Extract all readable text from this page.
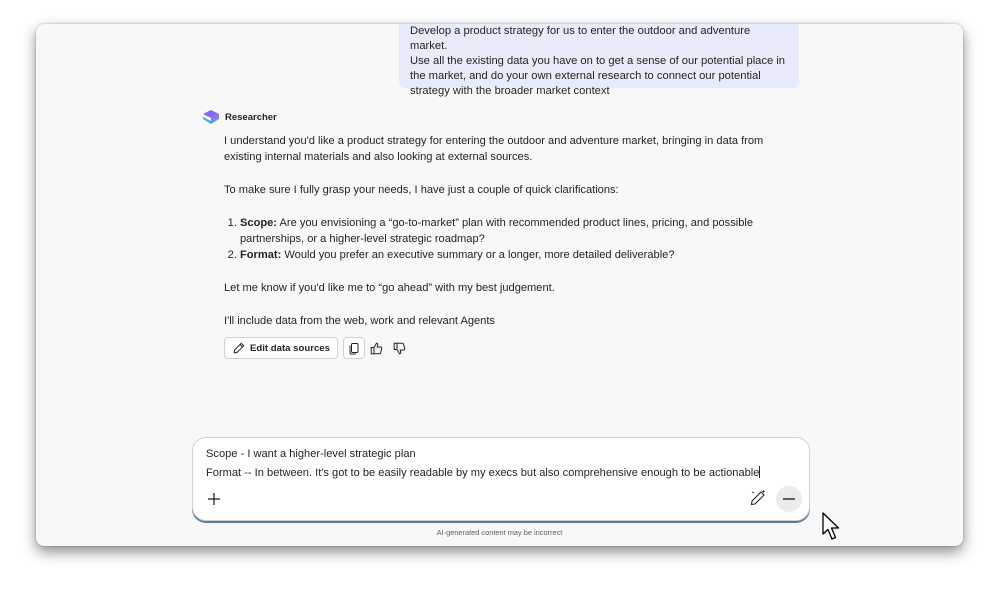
Develop a product strategy for us to enter the outdoor and adventure market.

Use all the existing data you have on to get a sense of our potential place in

the market, and do your own external research to connect our potential

strategy with the broader market context

Researcher

I understand you'd like a product strategy for entering the outdoor and adventure market, bringing in data from

existing internal materials and also looking at external sources.

To make sure I fully grasp your needs, I have just a couple of quick clarifications:

1. Scope: Are you envisioning a “go-to-market” plan with recommended product lines, pricing, and possible
partnerships, or a higher-level strategic roadmap?
2. Format: Would you prefer an executive summary or a longer, more detailed deliverable?

Let me know if you'd like me to “go ahead” with my best judgement.

I'll include data from the web, work and relevant Agents

Edit data sources

Scope - I want a higher-level strategic plan

Format -- In between. It's got to be easily readable by my execs but also comprehensive enough to be actionable

AI-generated content may be incorrect
